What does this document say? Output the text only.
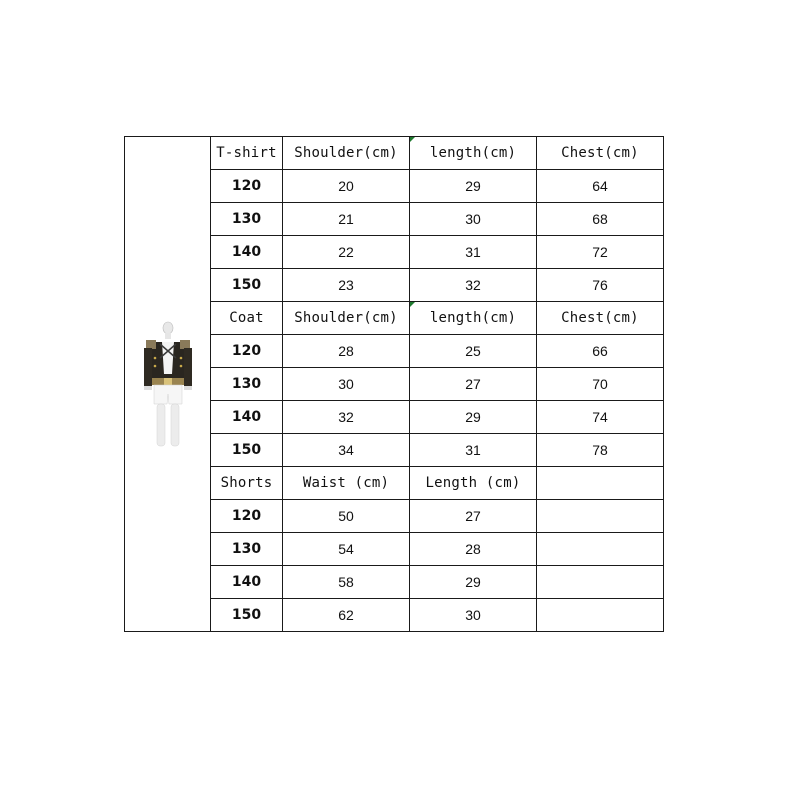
	T-shirt	Shoulder(cm)	length(cm)	Chest(cm)
	120	20	29	64
	130	21	30	68
	140	22	31	72
	150	23	32	76
	Coat	Shoulder(cm)	length(cm)	Chest(cm)
	120	28	25	66
	130	30	27	70
	140	32	29	74
	150	34	31	78
	Shorts	Waist (cm)	Length (cm)	
	120	50	27	
	130	54	28	
	140	58	29	
	150	62	30	
